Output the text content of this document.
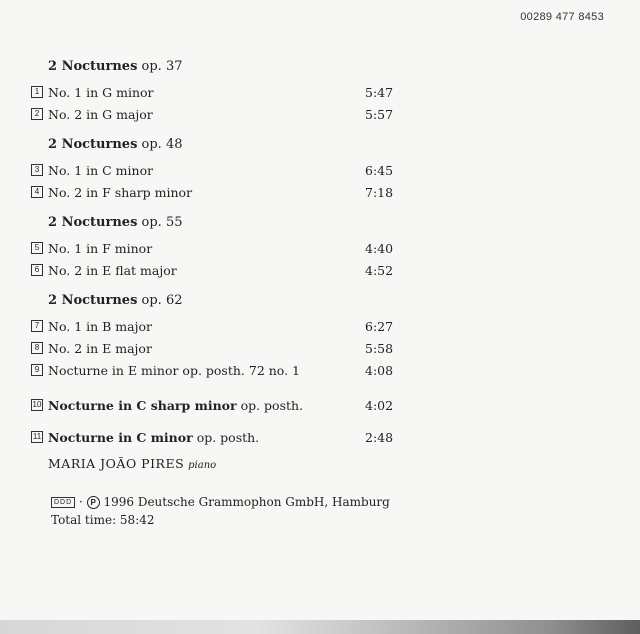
00289 477 8453
2 Nocturnes op. 37
1 No. 1 in G minor	5:47
2 No. 2 in G major	5:57
2 Nocturnes op. 48
3 No. 1 in C minor	6:45
4 No. 2 in F sharp minor	7:18
2 Nocturnes op. 55
5 No. 1 in F minor	4:40
6 No. 2 in E flat major	4:52
2 Nocturnes op. 62
7 No. 1 in B major	6:27
8 No. 2 in E major	5:58
9 Nocturne in E minor op. posth. 72 no. 1	4:08
10 Nocturne in C sharp minor op. posth.	4:02
11 Nocturne in C minor op. posth.	2:48
MARIA JOÃO PIRES piano
DDD · P 1996 Deutsche Grammophon GmbH, Hamburg
Total time: 58:42
